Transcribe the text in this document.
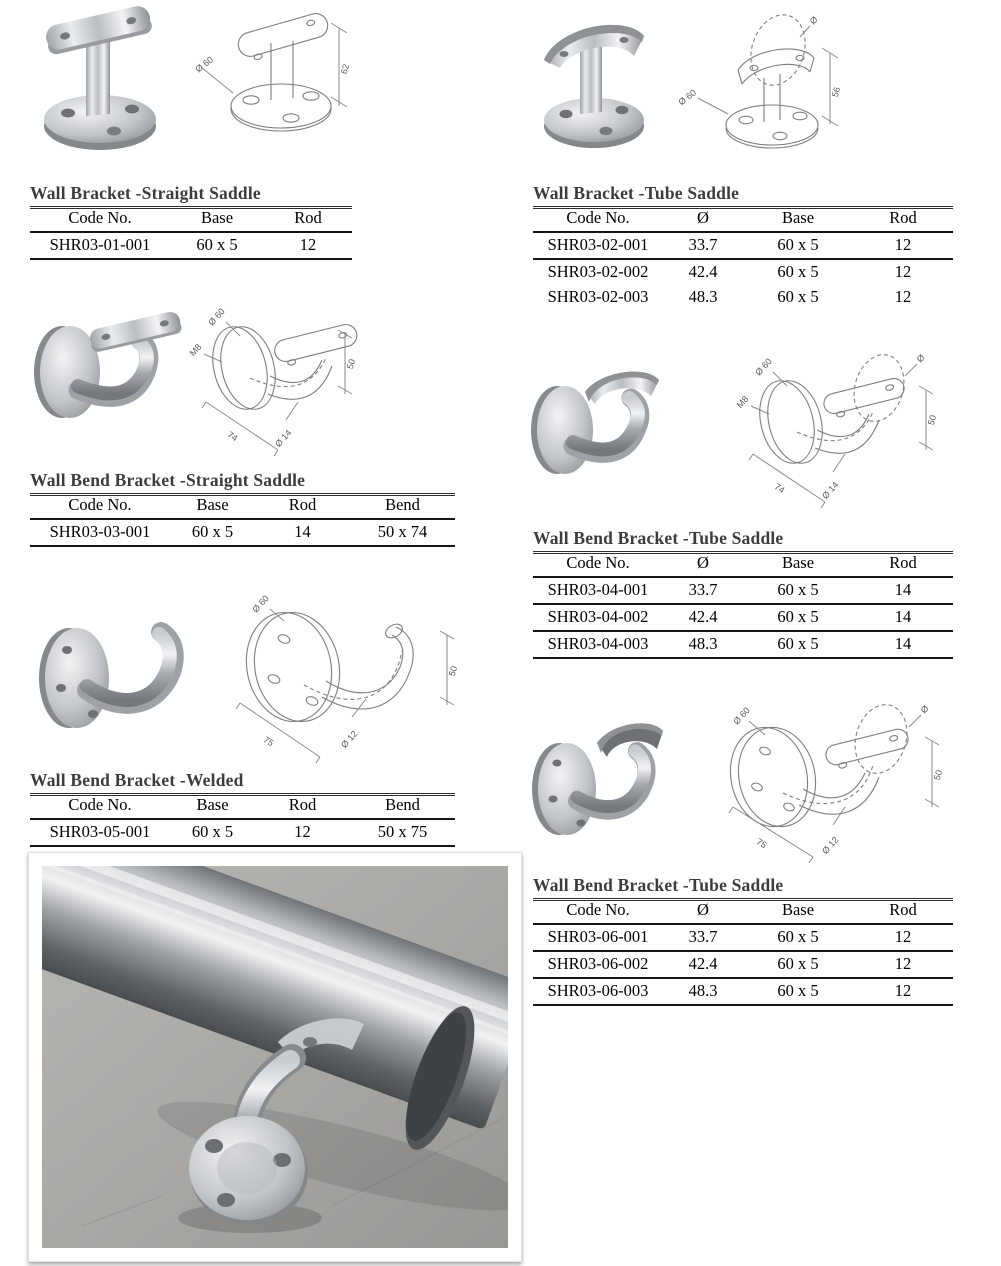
Ø 60	62
Wall Bracket -Straight Saddle
Code No.	Base	Rod
SHR03-01-001	60 x 5	12
Ø
Ø 60	56
Wall Bracket -Tube Saddle
Code No.	Ø	Base	Rod
SHR03-02-001	33.7	60 x 5	12
SHR03-02-002	42.4	60 x 5	12
SHR03-02-003	48.3	60 x 5	12
Ø 60
M8
74	Ø 14
50
Wall Bend Bracket -Straight Saddle
Code No.	Base	Rod	Bend
SHR03-03-001	60 x 5	14	50 x 74
Ø 60
M8
74	Ø 14
Ø
50
Wall Bend Bracket -Tube Saddle
Code No.	Ø	Base	Rod
SHR03-04-001	33.7	60 x 5	14
SHR03-04-002	42.4	60 x 5	14
SHR03-04-003	48.3	60 x 5	14
Ø 60
75	Ø 12
50
Wall Bend Bracket -Welded
Code No.	Base	Rod	Bend
SHR03-05-001	60 x 5	12	50 x 75
Ø 60
75	Ø 12
Ø
50
Wall Bend Bracket -Tube Saddle
Code No.	Ø	Base	Rod
SHR03-06-001	33.7	60 x 5	12
SHR03-06-002	42.4	60 x 5	12
SHR03-06-003	48.3	60 x 5	12
